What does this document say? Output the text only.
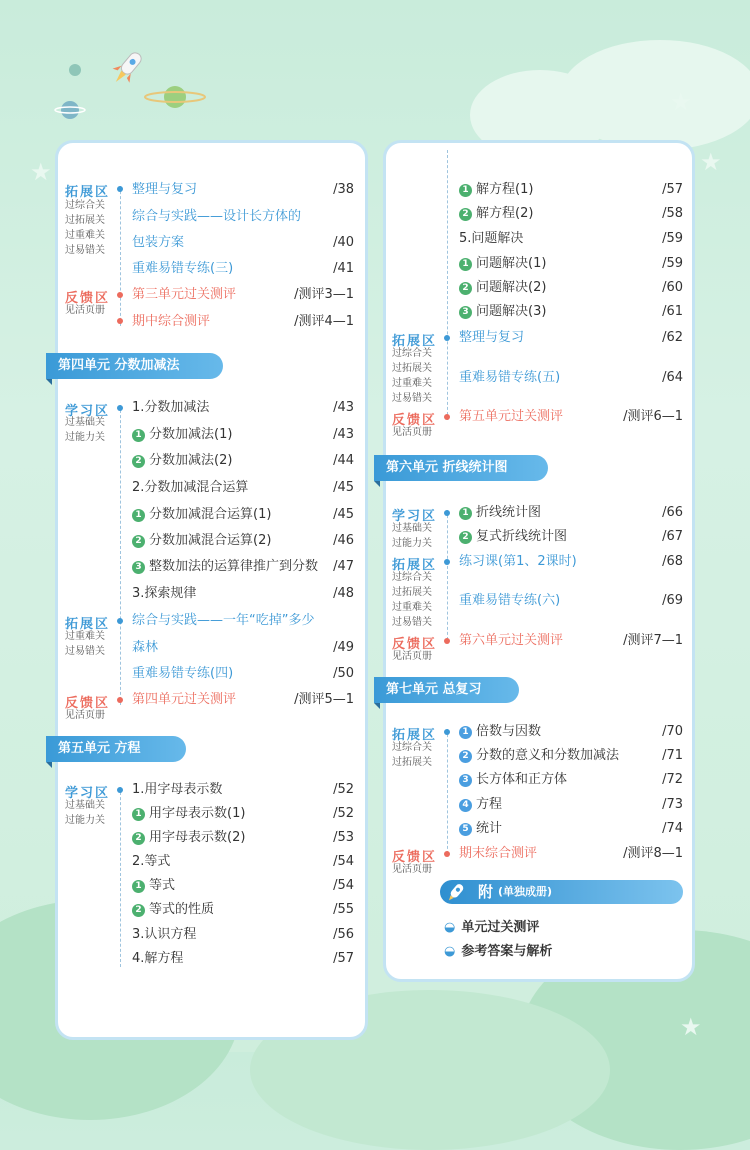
★	★
★
★
拓展区
过综合关
过拓展关
过重难关
过易错关
整理与复习	/38
综合与实践——设计长方体的
包装方案	/40
重难易错专练(三)	/41
反馈区
见活页册
第三单元过关测评	/测评3—1
期中综合测评	/测评4—1
第四单元 分数加减法
学习区
过基础关
过能力关
1.分数加减法	/43
1 分数加减法(1)	/43
2 分数加减法(2)	/44
2.分数加减混合运算	/45
1 分数加减混合运算(1)	/45
2 分数加减混合运算(2)	/46
3 整数加法的运算律推广到分数 /47
3.探索规律	/48
拓展区
过重难关
过易错关
综合与实践——一年“吃掉”多少
森林	/49
重难易错专练(四)	/50
反馈区
见活页册
第四单元过关测评	/测评5—1
第五单元 方程
学习区
过基础关
过能力关
1.用字母表示数	/52
1 用字母表示数(1)	/52
2 用字母表示数(2)	/53
2.等式	/54
1 等式	/54
2 等式的性质	/55
3.认识方程	/56
4.解方程	/57
1 解方程(1)	/57
2 解方程(2)	/58
5.问题解决	/59
1 问题解决(1)	/59
2 问题解决(2)	/60
3 问题解决(3)	/61
拓展区
过综合关
过拓展关
过重难关
过易错关
整理与复习	/62
重难易错专练(五)	/64
反馈区
见活页册
第五单元过关测评	/测评6—1
第六单元 折线统计图
学习区
过基础关
过能力关
1 折线统计图	/66
2 复式折线统计图	/67
拓展区
过综合关
过拓展关
过重难关
过易错关
练习课(第1、2课时)	/68
重难易错专练(六)	/69
反馈区
见活页册
第六单元过关测评	/测评7—1
第七单元 总复习
拓展区
过综合关
过拓展关
1 倍数与因数	/70
2 分数的意义和分数加减法	/71
3 长方体和正方体	/72
4 方程	/73
5 统计	/74
反馈区
见活页册
期末综合测评	/测评8—1
附 (单独成册)
◒ 单元过关测评
◒ 参考答案与解析
